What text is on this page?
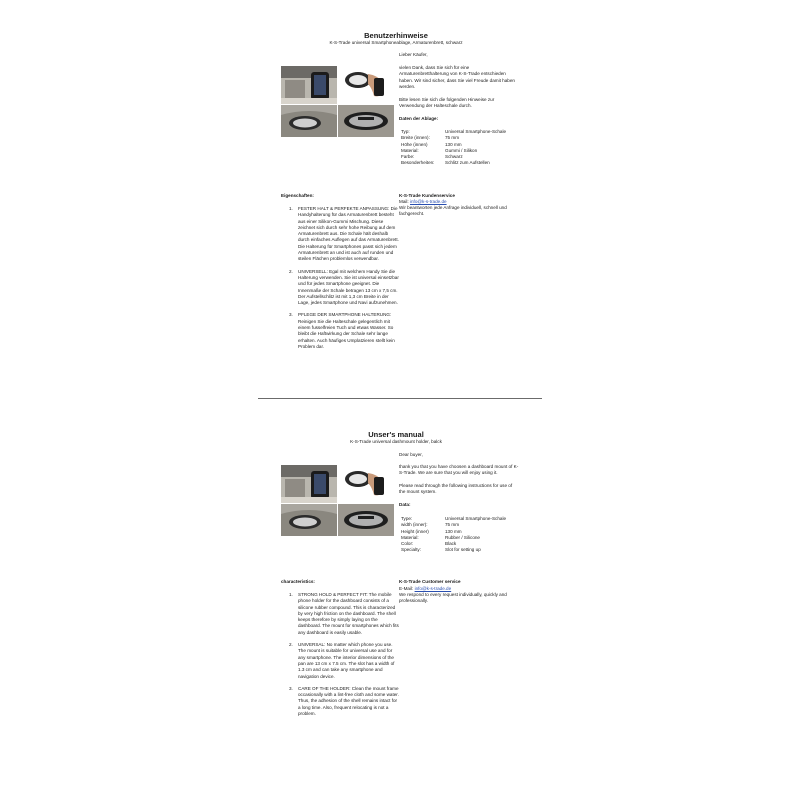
Benutzerhinweise
K-S-Trade universal Smartphoneablage, Armaturenbrett, schwarz
Lieber Käufer,
vielen Dank, dass Sie sich für eine Armaturenbretthalterung von K-S-Trade entschieden haben. Wir sind sicher, dass Sie viel Freude damit haben werden.
Bitte lesen Sie sich die folgenden Hinweise zur Verwendung der Halteschale durch.
Daten der Ablage:
Typ:	Universal Smartphone-Schale
Breite (innen):	75 mm
Höhe (innen)	130 mm
Material:	Gummi / Silikon
Farbe:	Schwarz
Besonderheiten:	Schlitz zum Aufstellen
Eigenschaften:
1.	FESTER HALT & PERFEKTE ANPASSUNG: Die Handyhalterung für das Armaturenbrett besteht aus einer Silikon-Gummi Mischung. Diese zeichnet sich durch sehr hohe Reibung auf dem Armaturenbrett aus. Die Schale hält deshalb durch einfaches Auflegen auf das Armaturenbrett. Die Halterung für Smartphones passt sich jedem Armaturenbrett an und ist auch auf runden und steilen Flächen problemlos verwendbar.
2.	UNIVERSELL: Egal mit welchem Handy Sie die Halterung verwenden. Sie ist universal einsetzbar und für jedes Smartphone geeignet. Die Innenmaße der Schale betragen 13 cm x 7,5 cm. Der Aufstellschlitz ist mit 1,3 cm Breite in der Lage, jedes Smartphone und Navi aufzunehmen.
3.	PFLEGE DER SMARTPHONE HALTERUNG: Reinigen Sie die Halteschale gelegentlich mit einem fusselfreien Tuch und etwas Wasser. So bleibt die Haftwirkung der Schale sehr lange erhalten. Auch häufiges Umplatzieren stellt kein Problem dar.
K-S-Trade Kundenservice
Mail: info@k-s-trade.de
Wir beantworten jede Anfrage individuell, schnell und fachgerecht.
Unser's manual
K-S-Trade universal dashmount holder, balck
Dear buyer,
thank you that you have choosen a dashboard mount of K-S-Trade. We are sure that you will enjoy using it.
Please read through the following instructions for use of the mount system.
Data:
Type:	Universal Smartphone-Schale
width (inner):	75 mm
Height (inner)	130 mm
Material:	Rubber / Silicone
Color:	Black
Specialty:	Slot for setting up
characteristics:
1.	STRONG HOLD & PERFECT FIT: The mobile phone holder for the dashboard consists of a silicone rubber compound. This is characterized by very high friction on the dashboard. The shell keeps therefore by simply laying on the dashboard. The mount for smartphones which fits any dashboard is easily usable.
2.	UNIVERSAL: No matter which phone you use. The mount is suitable for universal use and for any smartphone. The interior dimensions of the pan are 13 cm x 7.5 cm. The slot has a width of 1.3 cm and can take any smartphone and navigation device.
3.	CARE OF THE HOLDER: Clean the mount frame occasionally with a lint-free cloth and some water. Thus, the adhesion of the shell remains intact for a long time. Also, frequent relocating is not a problem.
K-S-Trade Customer service
E-Mail: info@k-s-trade.de
We respond to every request individually, quickly and professionally.
